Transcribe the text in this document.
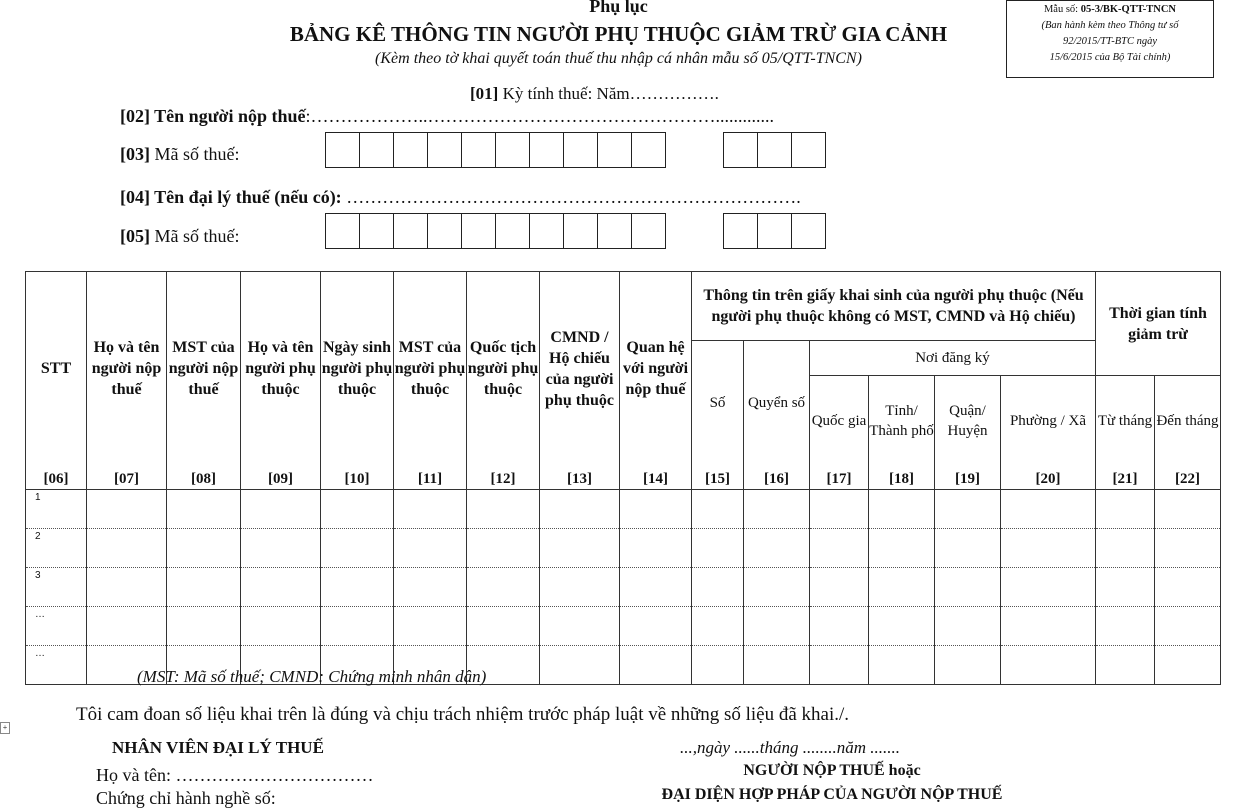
Mẫu số: 05-3/BK-QTT-TNCN
(Ban hành kèm theo Thông tư số
92/2015/TT-BTC ngày
15/6/2015 của Bộ Tài chính)
Phụ lục
BẢNG KÊ THÔNG TIN NGƯỜI PHỤ THUỘC GIẢM TRỪ GIA CẢNH
(Kèm theo tờ khai quyết toán thuế thu nhập cá nhân mẫu số 05/QTT-TNCN)
[01] Kỳ tính thuế: Năm…………….
[02] Tên người nộp thuế:………………..………………………………………….............
[03] Mã số thuế:
[04] Tên đại lý thuế (nếu có): ………………………………………………………………….
[05] Mã số thuế:
STT	Họ và tên người nộp thuế	MST của người nộp thuế	Họ và tên người phụ thuộc	Ngày sinh người phụ thuộc	MST của người phụ thuộc	Quốc tịch người phụ thuộc	CMND / Hộ chiếu của người phụ thuộc	Quan hệ với người nộp thuế	Thông tin trên giấy khai sinh của người phụ thuộc (Nếu người phụ thuộc không có MST, CMND và Hộ chiếu)						Thời gian tính giảm trừ	
									Số	Quyển số	Nơi đăng ký					
											Quốc gia	Tỉnh/ Thành phố	Quận/ Huyện	Phường / Xã	Từ tháng	Đến tháng
[06]	[07]	[08]	[09]	[10]	[11]	[12]	[13]	[14]	[15]	[16]	[17]	[18]	[19]	[20]	[21]	[22]
1																
2																
3																
…																
…																
(MST: Mã số thuế; CMND: Chứng minh nhân dân)
+
Tôi cam đoan số liệu khai trên là đúng và chịu trách nhiệm trước pháp luật về những số liệu đã khai./.
NHÂN VIÊN ĐẠI LÝ THUẾ
Họ và tên: ……………………………
Chứng chỉ hành nghề số:
...,ngày ......tháng ........năm .......
NGƯỜI NỘP THUẾ hoặc
ĐẠI DIỆN HỢP PHÁP CỦA NGƯỜI NỘP THUẾ
